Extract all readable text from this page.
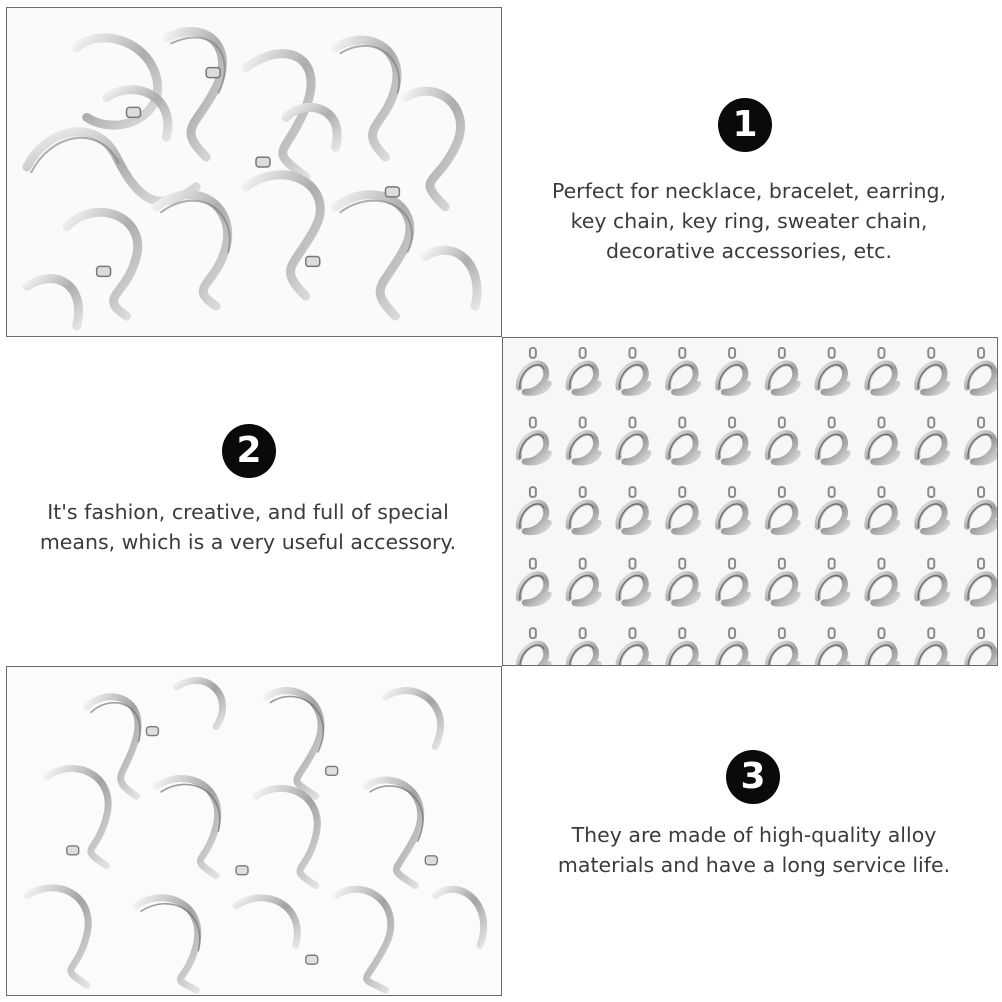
1
Perfect for necklace, bracelet, earring,
key chain, key ring, sweater chain,
decorative accessories, etc.
2
It's fashion, creative, and full of special
means, which is a very useful accessory.
3
They are made of high-quality alloy
materials and have a long service life.
